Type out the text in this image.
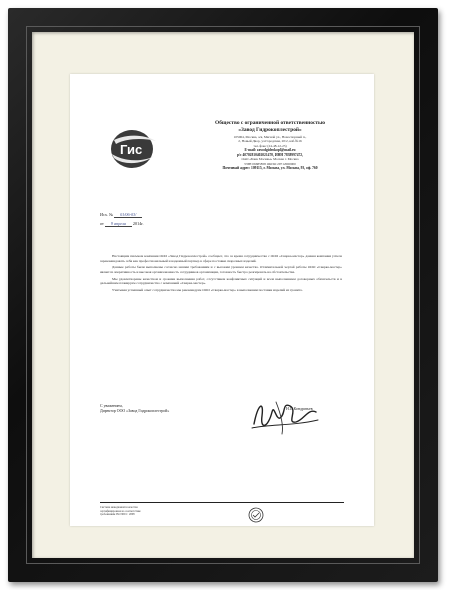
Гис
Общество с ограниченной ответственностью
«Завод Гидрокоплестрой»
105064, Москва, а/я, Мясной ул., Новоспорный п.,
2, Новый Двор, ул.Городская, 20/2, каб.№16
тел./факс (24-48-12-25)
E-mail: zavodgidrokopl@mail.ru
р/с 40702810402021470, ИНН 7838997472,
ОАО «Банк Москвы» Москва г. Москва
УИН 06685858 ОКПО 29712060000
Почтовый адрес: 109115, г. Москва, ул. Москва, 93, оф. 760
Исх. № 01/06-03/
от 9 апреля 2014г.

Настоящим письмом компания ООО «Завод Гидрокоплестрой» сообщает, что за время сотрудничества с ООО «Сварка-мастер» данная компания успела зарекомендовать себя как профессиональный и надежный партнер в сфере поставки сварочных изделий.

Данные работы были выполнены согласно нашим требованиям и с высоким уровнем качества. Отличительной чертой работы ООО «Сварка-мастер» является оперативность и высокая организованность сотрудников организации, готовность быстро реагировать на обстоятельства.

Мы удовлетворены качеством и сроками выполнения работ, отсутствием конфликтных ситуаций и всем выполнением договорных обязательств и в дальнейшем планируем сотрудничество с компанией «Сварка-мастер».

Учитывая успешный опыт сотрудничества мы рекомендуем ООО «Сварка-мастер» в выполнении поставки изделий из гранита.

С уважением,
Директор ООО «Завод Гидрокоплестрой»
Н.П.Кондратьев
Система менеджмента качества
сертифицирована на соответствие
требованиям ISO 9001 : 2008
